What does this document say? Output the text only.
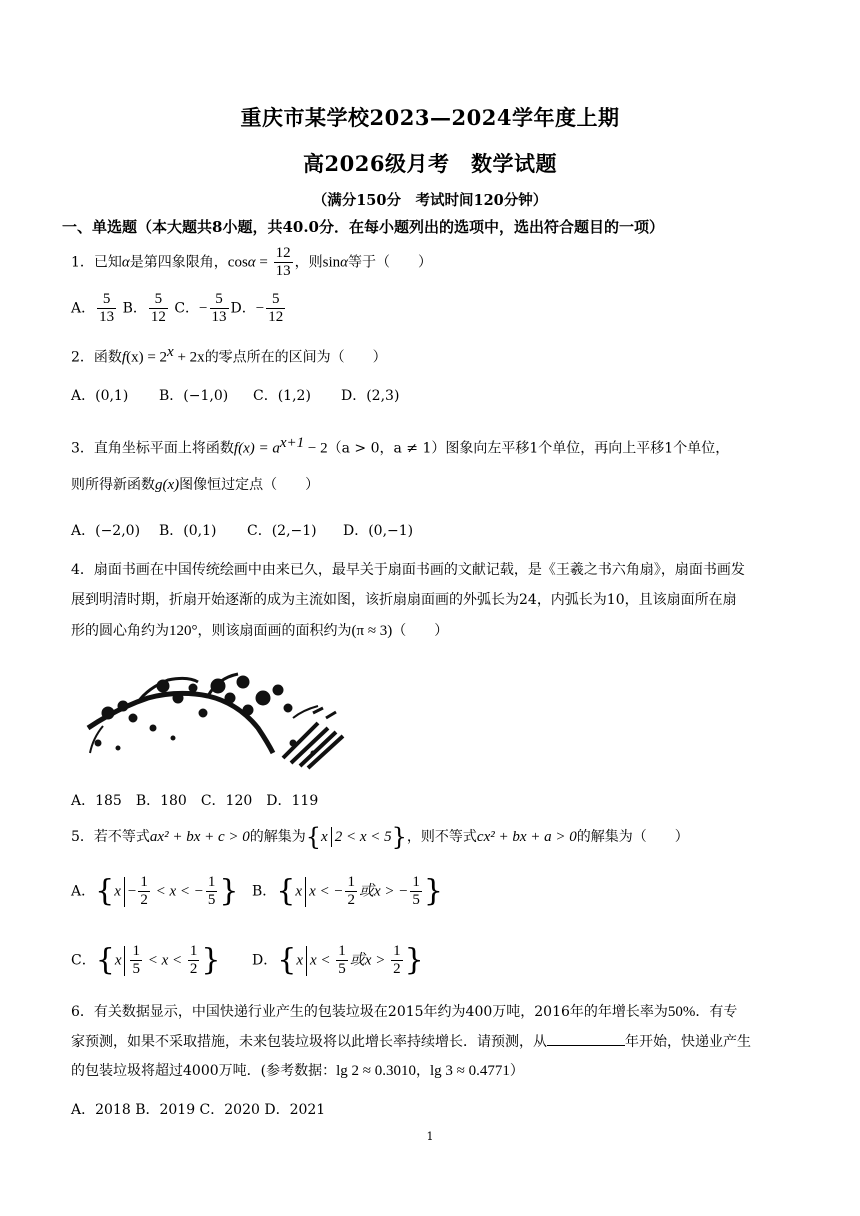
重庆市某学校2023—2024学年度上期
高2026级月考　数学试题
（满分150分　考试时间120分钟）
一、单选题（本大题共8小题，共40.0分．在每小题列出的选项中，选出符合题目的一项）
1．已知α是第四象限角，$\cos\alpha = \frac{12}{13}$ ，则sinα等于（　　）
A． $\frac{5}{13}$ B． $\frac{5}{12}$ C．− $\frac{5}{13}$ D．− $\frac{5}{12}$
2．函数$f(x) = 2^x + 2x$的零点所在的区间为（　　）
A．(0,1) B．(−1,0) C．(1,2) D．(2,3)
3．直角坐标平面上将函数$f(x) = a^{x+1} - 2(a > 0$，a ≠ 1）图象向左平移1个单位，再向上平移1个单位，
则所得新函数g(x)图像恒过定点（　　）
A．(−2,0) B．(0,1) C．(2,−1) D．(0,−1)
4．扇面书画在中国传统绘画中由来已久，最早关于扇面书画的文献记载，是《王羲之书六角扇》，扇面书画发
展到明清时期，折扇开始逐渐的成为主流如图，该折扇扇面画的外弧长为24，内弧长为10，且该扇面所在扇
形的圆心角约为120°，则该扇面画的面积约为(π ≈ 3)（　　）
A．185　B．180　C．120　D．119
5．若不等式ax² + bx + c > 0的解集为{x 2 < x < 5}，则不等式cx² + bx + a > 0的解集为（　　）
A．{$x - \frac{1}{2} < x$ < − $\frac{1}{5}$ } B．{x x < − $\frac{1}{2}$ 或x > − $\frac{1}{5}$ }
C．{$x \frac{1}{5} < x < \frac{1}{2}$ } D．{x $x < \frac{1}{5}$ 或$x > \frac{1}{2}$ }
6．有关数据显示，中国快递行业产生的包装垃圾在2015年约为400万吨，2016年的年增长率为50%．有专
家预测，如果不采取措施，未来包装垃圾将以此增长率持续增长．请预测，从	年开始，快递业产生
的包装垃圾将超过4000万吨．(参考数据：lg 2 ≈ 0.3010，lg 3 ≈ 0.4771）
A．2018 B．2019 C．2020 D．2021
1
